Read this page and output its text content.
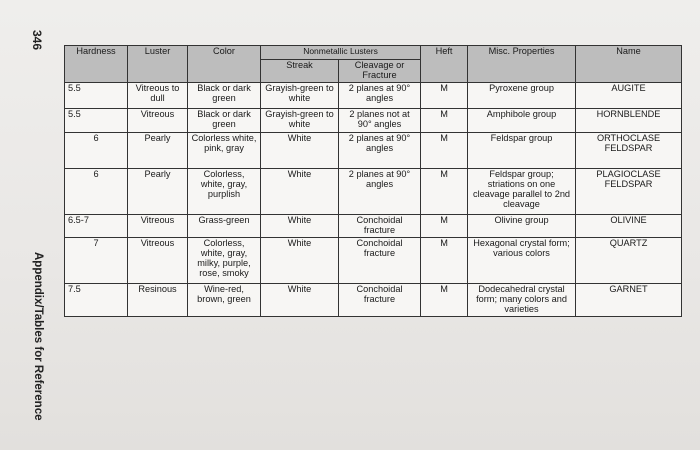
346
Appendix/Tables for Reference
Hardness	Luster	Color	Nonmetallic Lusters		Heft	Misc. Properties	Name
			Streak	Cleavage or Fracture			
5.5	Vitreous to dull	Black or dark green	Grayish-green to white	2 planes at 90° angles	M	Pyroxene group	AUGITE
5.5	Vitreous	Black or dark green	Grayish-green to white	2 planes not at 90° angles	M	Amphibole group	HORNBLENDE
6	Pearly	Colorless white, pink, gray	White	2 planes at 90° angles	M	Feldspar group	ORTHOCLASE FELDSPAR
6	Pearly	Colorless, white, gray, purplish	White	2 planes at 90° angles	M	Feldspar group; striations on one cleavage parallel to 2nd cleavage	PLAGIOCLASE FELDSPAR
6.5-7	Vitreous	Grass-green	White	Conchoidal fracture	M	Olivine group	OLIVINE
7	Vitreous	Colorless, white, gray, milky, purple, rose, smoky	White	Conchoidal fracture	M	Hexagonal crystal form; various colors	QUARTZ
7.5	Resinous	Wine-red, brown, green	White	Conchoidal fracture	M	Dodecahedral crystal form; many colors and varieties	GARNET
